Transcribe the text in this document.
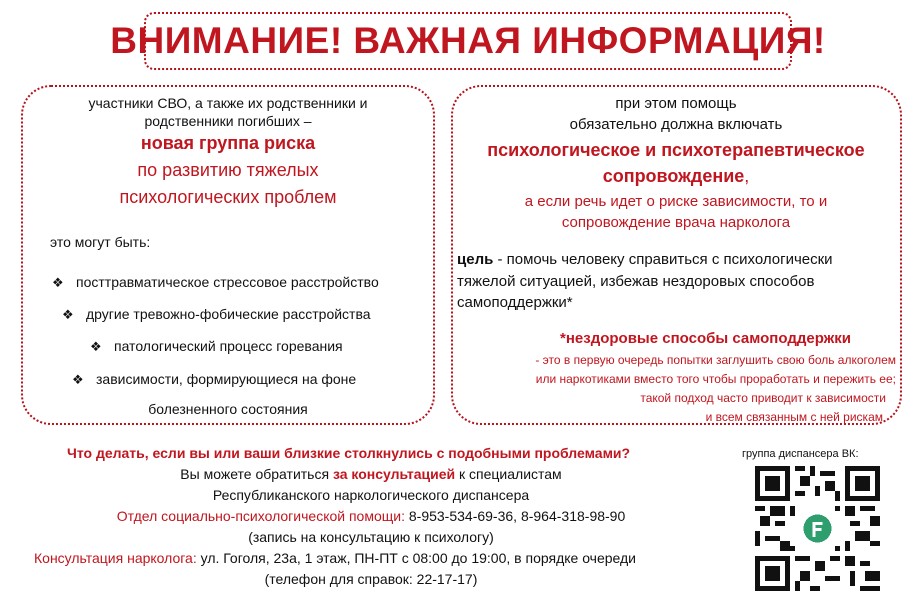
ВНИМАНИЕ! ВАЖНАЯ ИНФОРМАЦИЯ!
участники СВО, а также их родственники и
родственники погибших –
новая группа риска
по развитию тяжелых
психологических проблем
это могут быть:
❖ посттравматическое стрессовое расстройство
❖ другие тревожно-фобические расстройства
❖ патологический процесс горевания
❖ зависимости, формирующиеся на фоне
болезненного состояния
при этом помощь
обязательно должна включать
психологическое и психотерапевтическое
сопровождение,
а если речь идет о риске зависимости, то и
сопровождение врача нарколога
цель - помочь человеку справиться с психологически
тяжелой ситуацией, избежав нездоровых способов
самоподдержки*
*нездоровые способы самоподдержки
- это в первую очередь попытки заглушить свою боль алкоголем
или наркотиками вместо того чтобы проработать и пережить ее;
такой подход часто приводит к зависимости
и всем связанным с ней рискам
Что делать, если вы или ваши близкие столкнулись с подобными проблемами?
Вы можете обратиться за консультацией к специалистам
Республиканского наркологического диспансера
Отдел социально-психологической помощи: 8-953-534-69-36, 8-964-318-98-90
(запись на консультацию к психологу)
Консультация нарколога: ул. Гоголя, 23а, 1 этаж, ПН-ПТ с 08:00 до 19:00, в порядке очереди
(телефон для справок: 22-17-17)
группа диспансера ВК:
